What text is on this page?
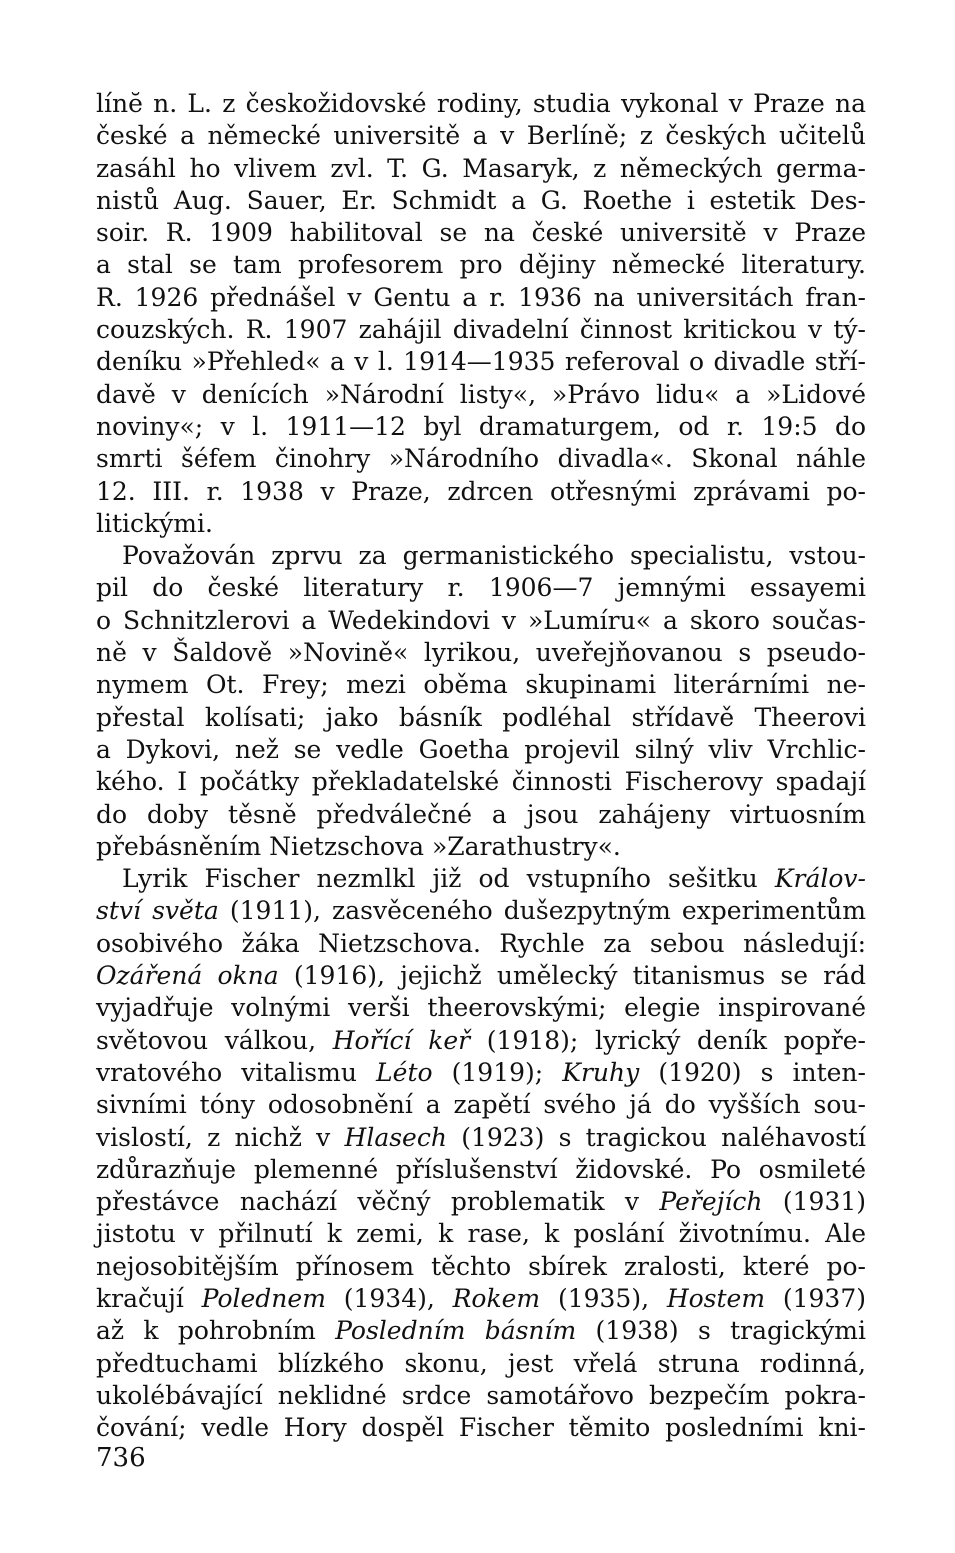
línĕ n. L. z českožidovské rodiny, studia vykonal v Praze na
české a německé universitě a v Berlíně; z českých učitelů
zasáhl ho vlivem zvl. T. G. Masaryk, z německých germa-
nistů Aug. Sauer, Er. Schmidt a G. Roethe i estetik Des-
soir. R. 1909 habilitoval se na české universitě v Praze
a stal se tam profesorem pro dějiny německé literatury.
R. 1926 přednášel v Gentu a r. 1936 na universitách fran-
couzských. R. 1907 zahájil divadelní činnost kritickou v tý-
deníku »Přehled« a v l. 1914—1935 referoval o divadle stří-
davě v denících »Národní listy«, »Právo lidu« a »Lidové
noviny«; v l. 1911—12 byl dramaturgem, od r. 19:5 do
smrti šéfem činohry »Národního divadla«. Skonal náhle
12. III. r. 1938 v Praze, zdrcen otřesnými zprávami po-
litickými.
Považován zprvu za germanistického specialistu, vstou-
pil do české literatury r. 1906—7 jemnými essayemi
o Schnitzlerovi a Wedekindovi v »Lumíru« a skoro součas-
ně v Šaldově »Novině« lyrikou, uveřejňovanou s pseudo-
nymem Ot. Frey; mezi oběma skupinami literárními ne-
přestal kolísati; jako básník podléhal střídavě Theerovi
a Dykovi, než se vedle Goetha projevil silný vliv Vrchlic-
kého. I počátky překladatelské činnosti Fischerovy spadají
do doby těsně předválečné a jsou zahájeny virtuosním
přebásněním Nietzschova »Zarathustry«.
Lyrik Fischer nezmlkl již od vstupního sešitku Králov-
ství světa (1911), zasvěceného dušezpytným experimentům
osobivého žáka Nietzschova. Rychle za sebou následují:
Ozářená okna (1916), jejichž umělecký titanismus se rád
vyjadřuje volnými verši theerovskými; elegie inspirované
světovou válkou, Hořící keř (1918); lyrický deník popře-
vratového vitalismu Léto (1919); Kruhy (1920) s inten-
sivními tóny odosobnění a zapětí svého já do vyšších sou-
vislostí, z nichž v Hlasech (1923) s tragickou naléhavostí
zdůrazňuje plemenné příslušenství židovské. Po osmileté
přestávce nachází věčný problematik v Peřejích (1931)
jistotu v přilnutí k zemi, k rase, k poslání životnímu. Ale
nejosobitějším přínosem těchto sbírek zralosti, které po-
kračují Polednem (1934), Rokem (1935), Hostem (1937)
až k pohrobním Posledním básním (1938) s tragickými
předtuchami blízkého skonu, jest vřelá struna rodinná,
ukolébávající neklidné srdce samotářovo bezpečím pokra-
čování; vedle Hory dospěl Fischer těmito posledními kni-
736
